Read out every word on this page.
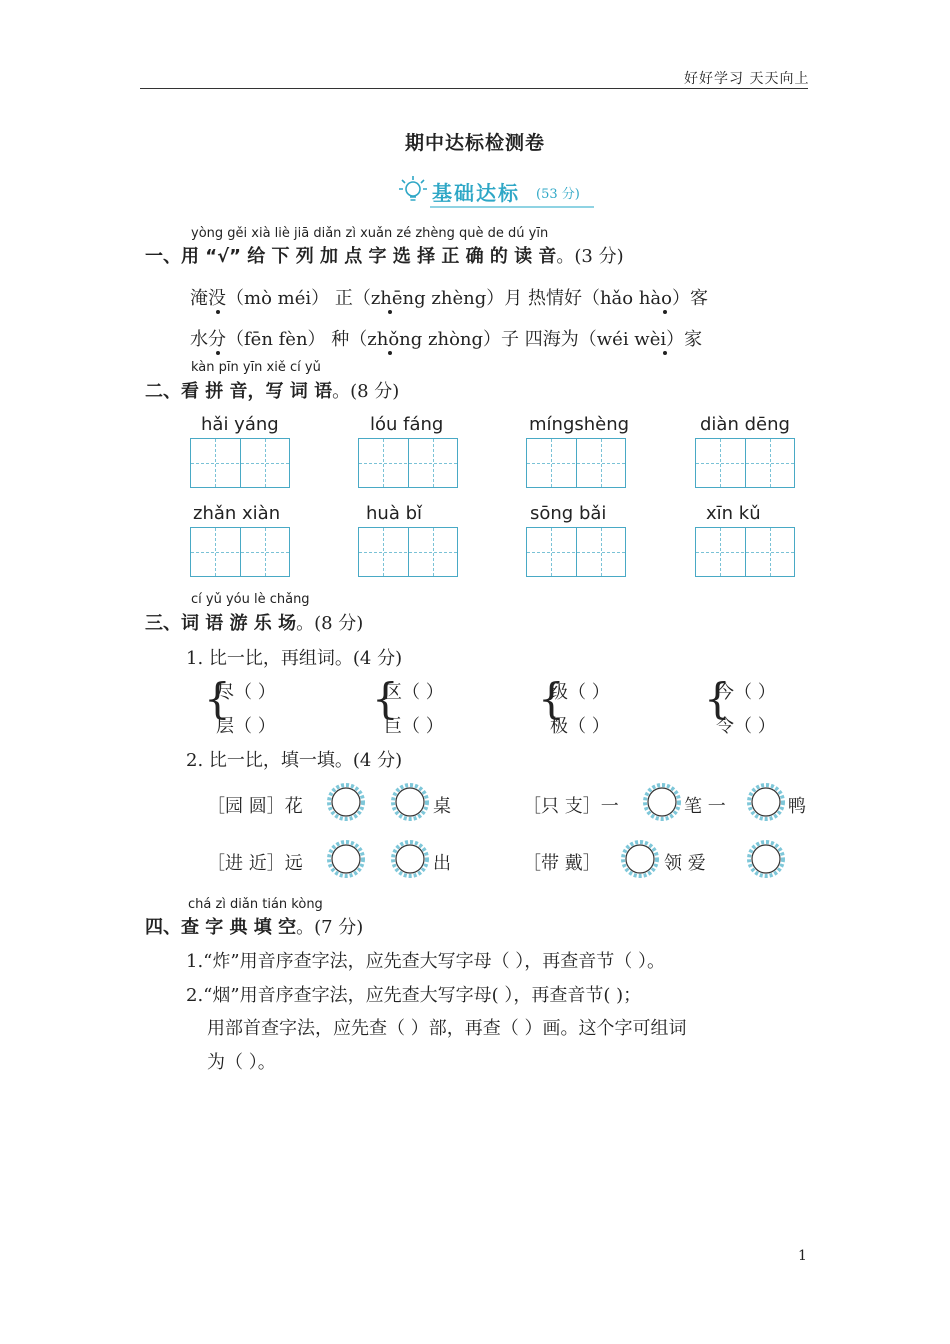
好好学习 天天向上
期中达标检测卷
基础达标 (53 分)
yòng gěi xià liè jiā diǎn zì xuǎn zé zhèng què de dú yīn
一、用 “√” 给 下 列 加 点 字 选 择 正 确 的 读 音。(3 分)
淹没（mò méi） 正（zhēng zhèng）月 热情好（hǎo hào）客
水分（fēn fèn） 种（zhǒng zhòng）子 四海为（wéi wèi）家
kàn pīn yīn xiě cí yǔ
二、看 拼 音，写 词 语。(8 分)
hǎi yáng	lóu fáng	míngshèng	diàn dēng
zhǎn xiàn	huà bǐ	sōng bǎi	xīn kǔ
cí yǔ yóu lè chǎng
三、词 语 游 乐 场。(8 分)
1. 比一比，再组词。(4 分)
{
尽（ ）
层（ ）
{
区（ ）
巨（ ）
{
级（ ）
极（ ）
{
今（ ）
令（ ）
2. 比一比，填一填。(4 分)
［园 圆］花	桌	［只 支］一	笔 一	鸭
［进 近］远	出	［带 戴］	领 爱
chá zì diǎn tián kòng
四、查 字 典 填 空。(7 分)
1.“炸”用音序查字法，应先查大写字母（ ），再查音节（ ）。
2.“烟”用音序查字法，应先查大写字母( ），再查音节( )；
用部首查字法，应先查（ ）部，再查（ ）画。这个字可组词
为（ ）。
1
